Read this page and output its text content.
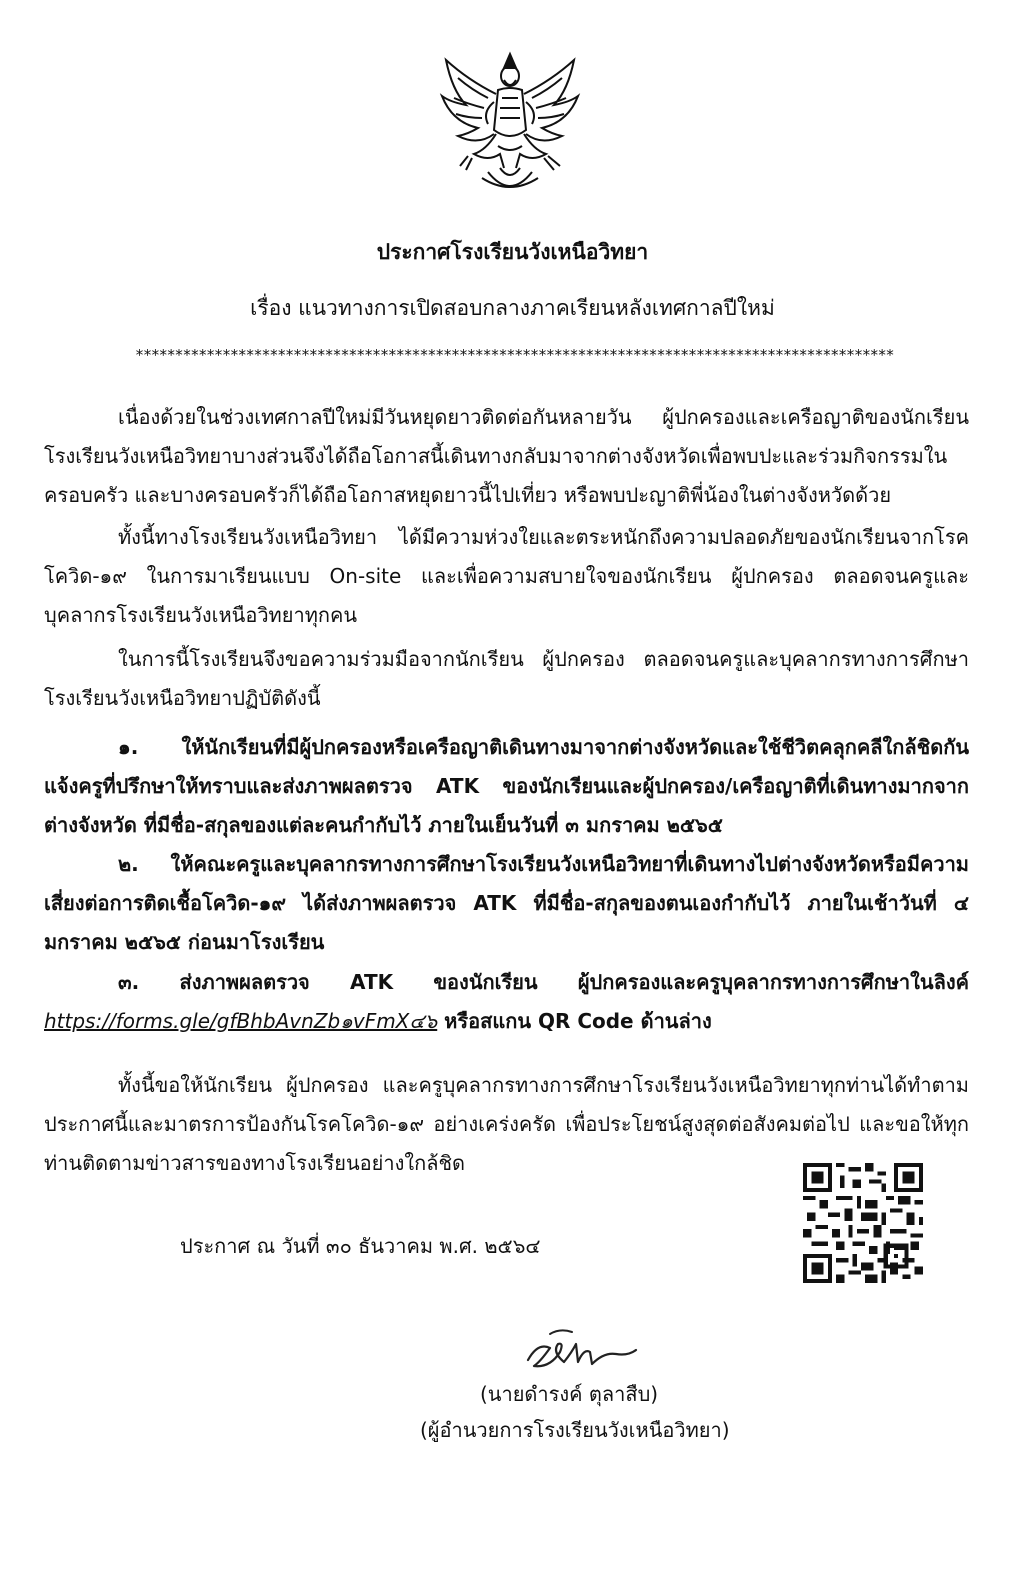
ประกาศโรงเรียนวังเหนือวิทยา
เรื่อง แนวทางการเปิดสอบกลางภาคเรียนหลังเทศกาลปีใหม่
************************************************************************************************

เนื่องด้วยในช่วงเทศกาลปีใหม่มีวันหยุดยาวติดต่อกันหลายวัน ผู้ปกครองและเครือญาติของนักเรียนโรงเรียนวังเหนือวิทยาบางส่วนจึงได้ถือโอกาสนี้เดินทางกลับมาจากต่างจังหวัดเพื่อพบปะและร่วมกิจกรรมในครอบครัว และบางครอบครัวก็ได้ถือโอกาสหยุดยาวนี้ไปเที่ยว หรือพบปะญาติพี่น้องในต่างจังหวัดด้วย

ทั้งนี้ทางโรงเรียนวังเหนือวิทยา ได้มีความห่วงใยและตระหนักถึงความปลอดภัยของนักเรียนจากโรคโควิด-๑๙ ในการมาเรียนแบบ On-site และเพื่อความสบายใจของนักเรียน ผู้ปกครอง ตลอดจนครูและบุคลากรโรงเรียนวังเหนือวิทยาทุกคน

ในการนี้โรงเรียนจึงขอความร่วมมือจากนักเรียน ผู้ปกครอง ตลอดจนครูและบุคลากรทางการศึกษาโรงเรียนวังเหนือวิทยาปฏิบัติดังนี้

๑. ให้นักเรียนที่มีผู้ปกครองหรือเครือญาติเดินทางมาจากต่างจังหวัดและใช้ชีวิตคลุกคลีใกล้ชิดกัน แจ้งครูที่ปรึกษาให้ทราบและส่งภาพผลตรวจ ATK ของนักเรียนและผู้ปกครอง/เครือญาติที่เดินทางมากจากต่างจังหวัด ที่มีชื่อ-สกุลของแต่ละคนกำกับไว้ ภายในเย็นวันที่ ๓ มกราคม ๒๕๖๕

๒. ให้คณะครูและบุคลากรทางการศึกษาโรงเรียนวังเหนือวิทยาที่เดินทางไปต่างจังหวัดหรือมีความเสี่ยงต่อการติดเชื้อโควิด-๑๙ ได้ส่งภาพผลตรวจ ATK ที่มีชื่อ-สกุลของตนเองกำกับไว้ ภายในเช้าวันที่ ๔ มกราคม ๒๕๖๕ ก่อนมาโรงเรียน

๓. ส่งภาพผลตรวจ ATK ของนักเรียน ผู้ปกครองและครูบุคลากรทางการศึกษาในลิงค์ https://forms.gle/gfBhbAvnZb๑vFmX๔๖ หรือสแกน QR Code ด้านล่าง

ทั้งนี้ขอให้นักเรียน ผู้ปกครอง และครูบุคลากรทางการศึกษาโรงเรียนวังเหนือวิทยาทุกท่านได้ทำตามประกาศนี้และมาตรการป้องกันโรคโควิด-๑๙ อย่างเคร่งครัด เพื่อประโยชน์สูงสุดต่อสังคมต่อไป และขอให้ทุกท่านติดตามข่าวสารของทางโรงเรียนอย่างใกล้ชิด

ประกาศ ณ วันที่ ๓๐ ธันวาคม พ.ศ. ๒๕๖๔
(นายดำรงค์ ตุลาสืบ)
(ผู้อำนวยการโรงเรียนวังเหนือวิทยา)
